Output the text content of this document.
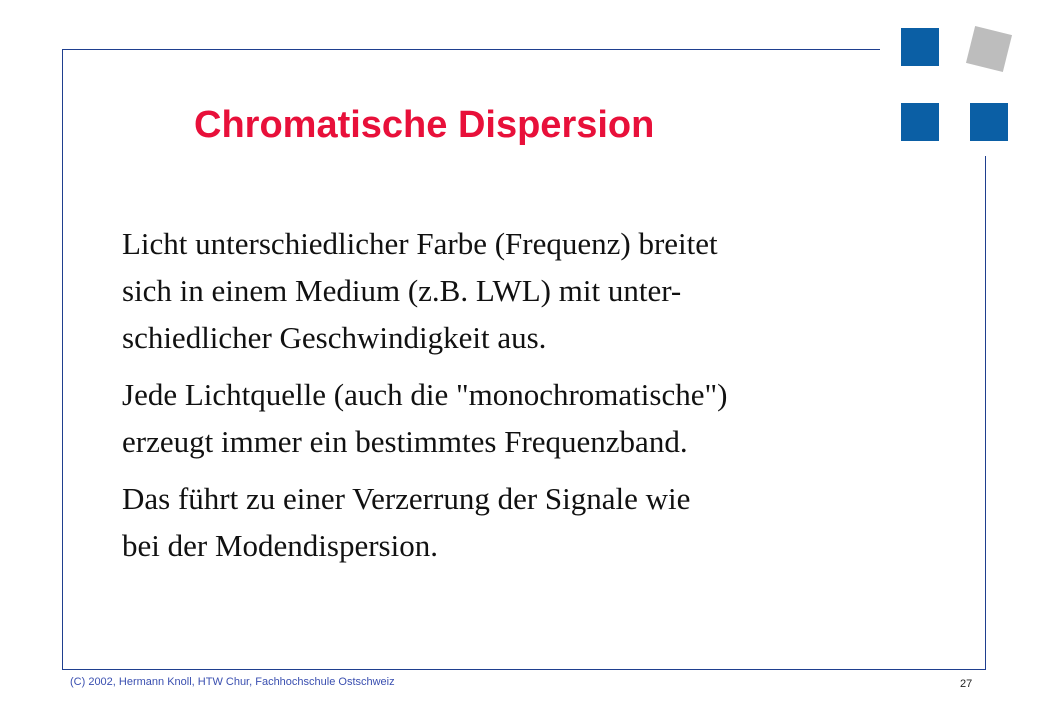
Chromatische Dispersion

Licht unterschiedlicher Farbe (Frequenz) breitet
sich in einem Medium (z.B. LWL) mit unter-
schiedlicher Geschwindigkeit aus.

Jede Lichtquelle (auch die "monochromatische")
erzeugt immer ein bestimmtes Frequenzband.

Das führt zu einer Verzerrung der Signale wie
bei der Modendispersion.

(C) 2002, Hermann Knoll, HTW Chur, Fachhochschule Ostschweiz	27
